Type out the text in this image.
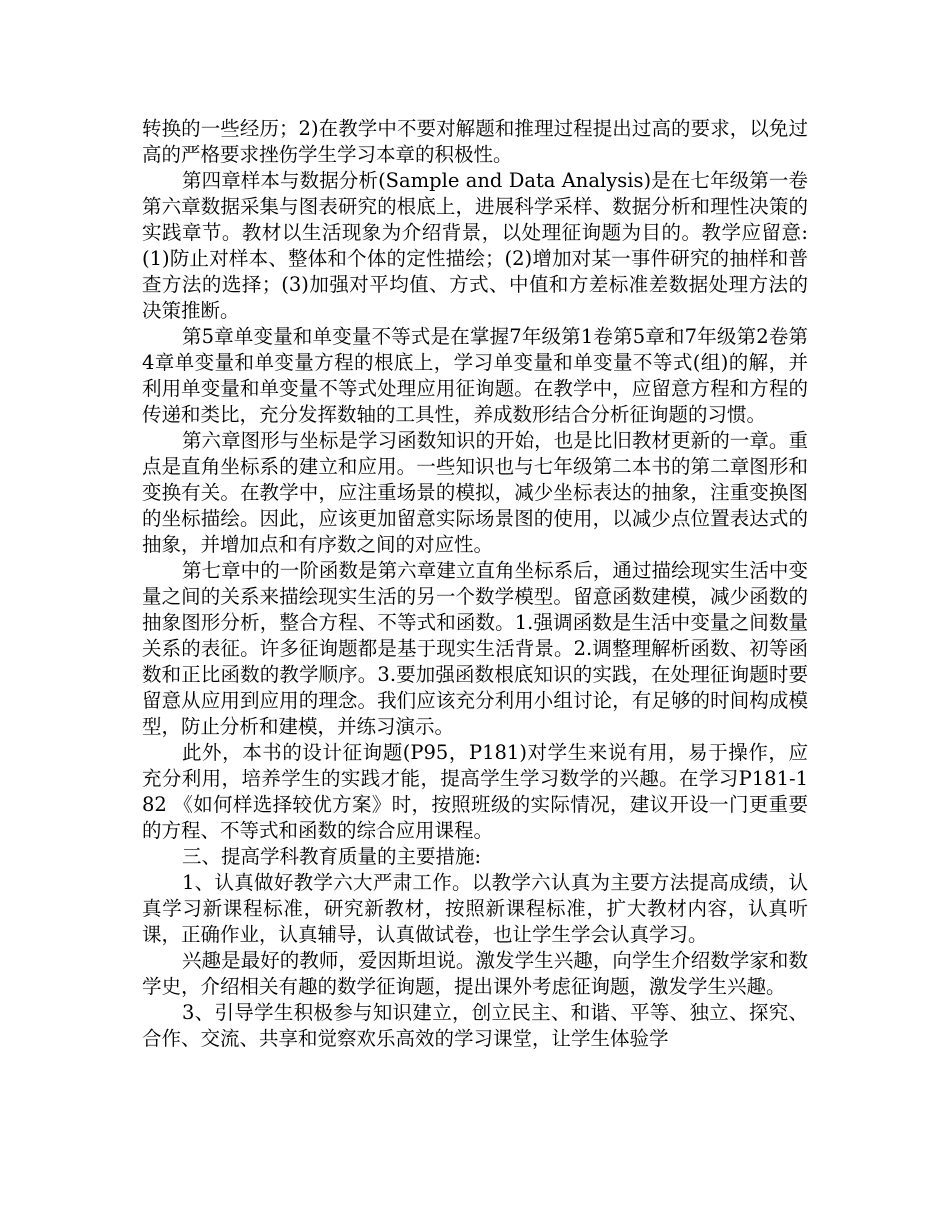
转换的一些经历；2)在教学中不要对解题和推理过程提出过高的要求，以免过高的严格要求挫伤学生学习本章的积极性。

第四章样本与数据分析(Sample and Data Analysis)是在七年级第一卷第六章数据采集与图表研究的根底上，进展科学采样、数据分析和理性决策的实践章节。教材以生活现象为介绍背景，以处理征询题为目的。教学应留意:(1)防止对样本、整体和个体的定性描绘；(2)增加对某一事件研究的抽样和普查方法的选择；(3)加强对平均值、方式、中值和方差标准差数据处理方法的决策推断。

第5章单变量和单变量不等式是在掌握7年级第1卷第5章和7年级第2卷第4章单变量和单变量方程的根底上，学习单变量和单变量不等式(组)的解，并利用单变量和单变量不等式处理应用征询题。在教学中，应留意方程和方程的传递和类比，充分发挥数轴的工具性，养成数形结合分析征询题的习惯。

第六章图形与坐标是学习函数知识的开始，也是比旧教材更新的一章。重点是直角坐标系的建立和应用。一些知识也与七年级第二本书的第二章图形和变换有关。在教学中，应注重场景的模拟，减少坐标表达的抽象，注重变换图的坐标描绘。因此，应该更加留意实际场景图的使用，以减少点位置表达式的抽象，并增加点和有序数之间的对应性。

第七章中的一阶函数是第六章建立直角坐标系后，通过描绘现实生活中变量之间的关系来描绘现实生活的另一个数学模型。留意函数建模，减少函数的抽象图形分析，整合方程、不等式和函数。1.强调函数是生活中变量之间数量关系的表征。许多征询题都是基于现实生活背景。2.调整理解析函数、初等函数和正比函数的教学顺序。3.要加强函数根底知识的实践，在处理征询题时要留意从应用到应用的理念。我们应该充分利用小组讨论，有足够的时间构成模型，防止分析和建模，并练习演示。

此外，本书的设计征询题(P95，P181)对学生来说有用，易于操作，应充分利用，培养学生的实践才能，提高学生学习数学的兴趣。在学习P181-182 《如何样选择较优方案》时，按照班级的实际情况，建议开设一门更重要的方程、不等式和函数的综合应用课程。

三、提高学科教育质量的主要措施:

1、认真做好教学六大严肃工作。以教学六认真为主要方法提高成绩，认真学习新课程标准，研究新教材，按照新课程标准，扩大教材内容，认真听课，正确作业，认真辅导，认真做试卷，也让学生学会认真学习。

兴趣是最好的教师，爱因斯坦说。激发学生兴趣，向学生介绍数学家和数学史，介绍相关有趣的数学征询题，提出课外考虑征询题，激发学生兴趣。

3、引导学生积极参与知识建立，创立民主、和谐、平等、独立、探究、合作、交流、共享和觉察欢乐高效的学习课堂，让学生体验学
